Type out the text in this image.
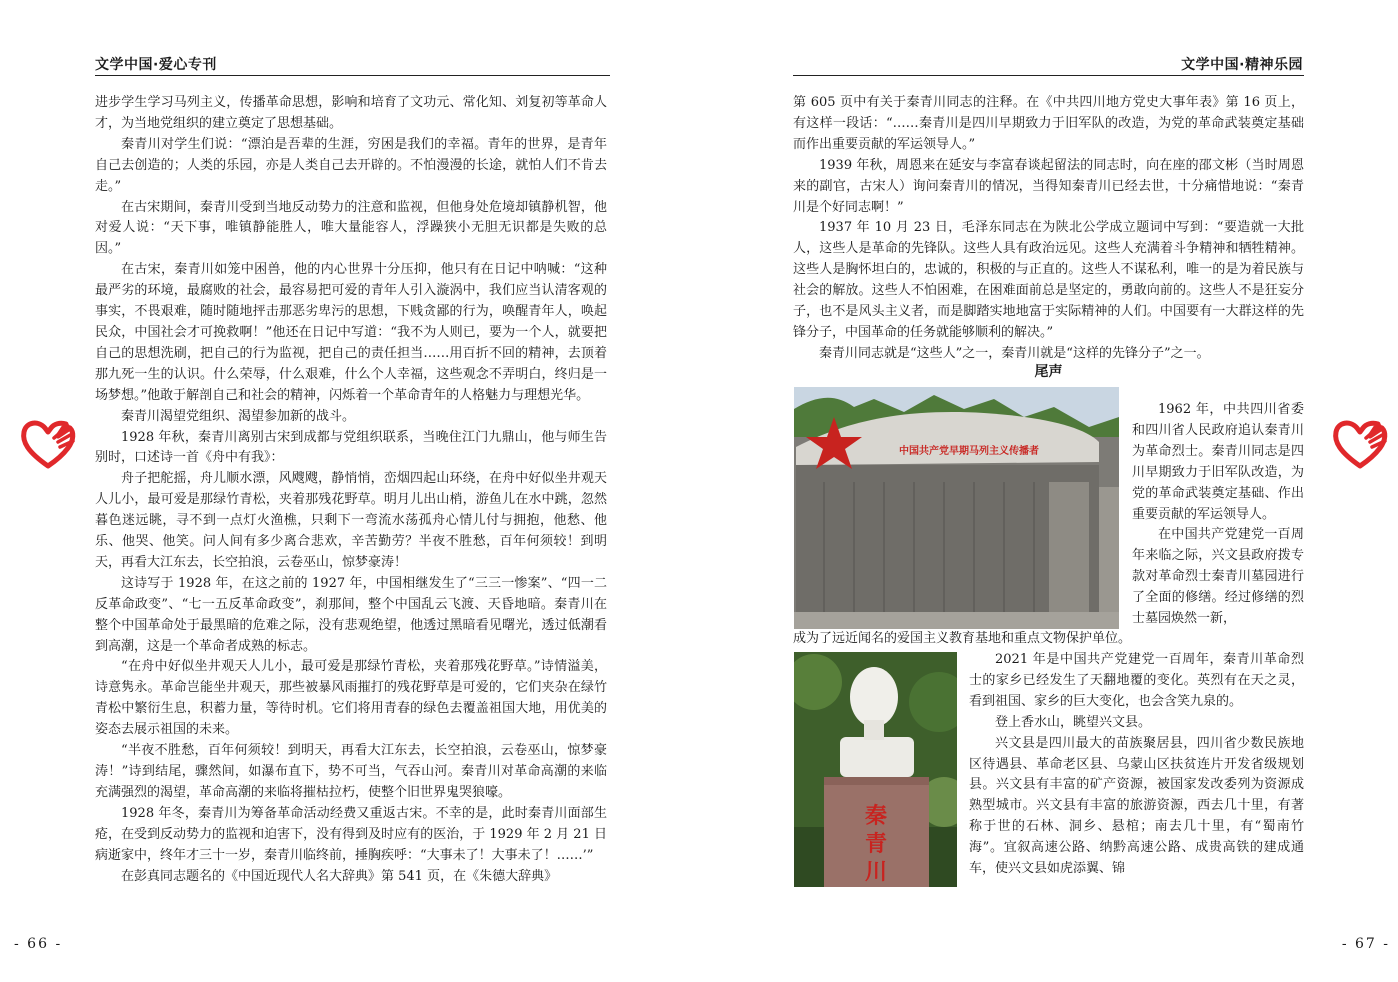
文学中国·爱心专刊

进步学生学习马列主义，传播革命思想，影响和培育了文功元、常化知、刘复初等革命人才，为当地党组织的建立奠定了思想基础。

秦青川对学生们说：“漂泊是吾辈的生涯，穷困是我们的幸福。青年的世界，是青年自己去创造的；人类的乐园，亦是人类自己去开辟的。不怕漫漫的长途，就怕人们不肯去走。”

在古宋期间，秦青川受到当地反动势力的注意和监视，但他身处危境却镇静机智，他对爱人说：“天下事，唯镇静能胜人，唯大量能容人，浮躁狭小无胆无识都是失败的总因。”

在古宋，秦青川如笼中困兽，他的内心世界十分压抑，他只有在日记中呐喊：“这种最严劣的环境，最腐败的社会，最容易把可爱的青年人引入漩涡中，我们应当认清客观的事实，不畏艰难，随时随地抨击那恶劣卑污的思想，下贱贪鄙的行为，唤醒青年人，唤起民众，中国社会才可挽救啊！”他还在日记中写道：“我不为人则已，要为一个人，就要把自己的思想洗刷，把自己的行为监视，把自己的责任担当……用百折不回的精神，去顶着那九死一生的认识。什么荣辱，什么艰难，什么个人幸福，这些观念不弄明白，终归是一场梦想。”他敢于解剖自己和社会的精神，闪烁着一个革命青年的人格魅力与理想光华。

秦青川渴望党组织、渴望参加新的战斗。

1928 年秋，秦青川离别古宋到成都与党组织联系，当晚住江门九鼎山，他与师生告别时，口述诗一首《舟中有我》：

舟子把舵摇，舟儿顺水漂，风飕飕，静悄悄，峦烟四起山环绕，在舟中好似坐井观天人儿小，最可爱是那绿竹青松，夹着那残花野草。明月儿出山梢，游鱼儿在水中跳，忽然暮色迷远眺，寻不到一点灯火渔樵，只剩下一弯流水荡孤舟心情儿付与拥抱，他愁、他乐、他哭、他笑。问人间有多少离合悲欢，辛苦勤劳？半夜不胜愁，百年何须较！到明天，再看大江东去，长空拍浪，云卷巫山，惊梦豪涛！

这诗写于 1928 年，在这之前的 1927 年，中国相继发生了“三三一惨案”、“四一二反革命政变”、“七一五反革命政变”，刹那间，整个中国乱云飞渡、天昏地暗。秦青川在整个中国革命处于最黑暗的危难之际，没有悲观绝望，他透过黑暗看见曙光，透过低潮看到高潮，这是一个革命者成熟的标志。

“在舟中好似坐井观天人儿小，最可爱是那绿竹青松，夹着那残花野草。”诗情溢美，诗意隽永。革命岂能坐井观天，那些被暴风雨摧打的残花野草是可爱的，它们夹杂在绿竹青松中繁衍生息，积蓄力量，等待时机。它们将用青春的绿色去覆盖祖国大地，用优美的姿态去展示祖国的未来。

“半夜不胜愁，百年何须较！到明天，再看大江东去，长空拍浪，云卷巫山，惊梦豪涛！”诗到结尾，骤然间，如瀑布直下，势不可当，气吞山河。秦青川对革命高潮的来临充满强烈的渴望，革命高潮的来临将摧枯拉朽，使整个旧世界鬼哭狼嚎。

1928 年冬，秦青川为筹备革命活动经费又重返古宋。不幸的是，此时秦青川面部生疮，在受到反动势力的监视和迫害下，没有得到及时应有的医治，于 1929 年 2 月 21 日病逝家中，终年才三十一岁，秦青川临终前，捶胸疾呼：“大事未了！大事未了！……’”

在彭真同志题名的《中国近现代人名大辞典》第 541 页，在《朱德大辞典》

- 66 -
文学中国·精神乐园

第 605 页中有关于秦青川同志的注释。在《中共四川地方党史大事年表》第 16 页上，有这样一段话：“……秦青川是四川早期致力于旧军队的改造，为党的革命武装奠定基础而作出重要贡献的军运领导人。”

1939 年秋，周恩来在延安与李富春谈起留法的同志时，向在座的邵文彬（当时周恩来的副官，古宋人）询问秦青川的情况，当得知秦青川已经去世，十分痛惜地说：“秦青川是个好同志啊！”

1937 年 10 月 23 日，毛泽东同志在为陕北公学成立题词中写到：“要造就一大批人，这些人是革命的先锋队。这些人具有政治远见。这些人充满着斗争精神和牺牲精神。这些人是胸怀坦白的，忠诚的，积极的与正直的。这些人不谋私利，唯一的是为着民族与社会的解放。这些人不怕困难，在困难面前总是坚定的，勇敢向前的。这些人不是狂妄分子，也不是风头主义者，而是脚踏实地地富于实际精神的人们。中国要有一大群这样的先锋分子，中国革命的任务就能够顺利的解决。”

秦青川同志就是“这些人”之一，秦青川就是“这样的先锋分子”之一。

尾声
中国共产党早期马列主义传播者
秦青川

1962 年，中共四川省委和四川省人民政府追认秦青川为革命烈士。秦青川同志是四川早期致力于旧军队改造，为党的革命武装奠定基础、作出重要贡献的军运领导人。

在中国共产党建党一百周年来临之际，兴文县政府拨专款对革命烈士秦青川墓园进行了全面的修缮。经过修缮的烈士墓园焕然一新，

成为了远近闻名的爱国主义教育基地和重点文物保护单位。

2021 年是中国共产党建党一百周年，秦青川革命烈士的家乡已经发生了天翻地覆的变化。英烈有在天之灵，看到祖国、家乡的巨大变化，也会含笑九泉的。

登上香水山，眺望兴文县。

兴文县是四川最大的苗族聚居县，四川省少数民族地区待遇县、革命老区县、乌蒙山区扶贫连片开发省级规划县。兴文县有丰富的矿产资源，被国家发改委列为资源成熟型城市。兴文县有丰富的旅游资源，西去几十里，有著称于世的石林、洞乡、悬棺；南去几十里，有“蜀南竹海”。宜叙高速公路、纳黔高速公路、成贵高铁的建成通车，使兴文县如虎添翼、锦

- 67 -
